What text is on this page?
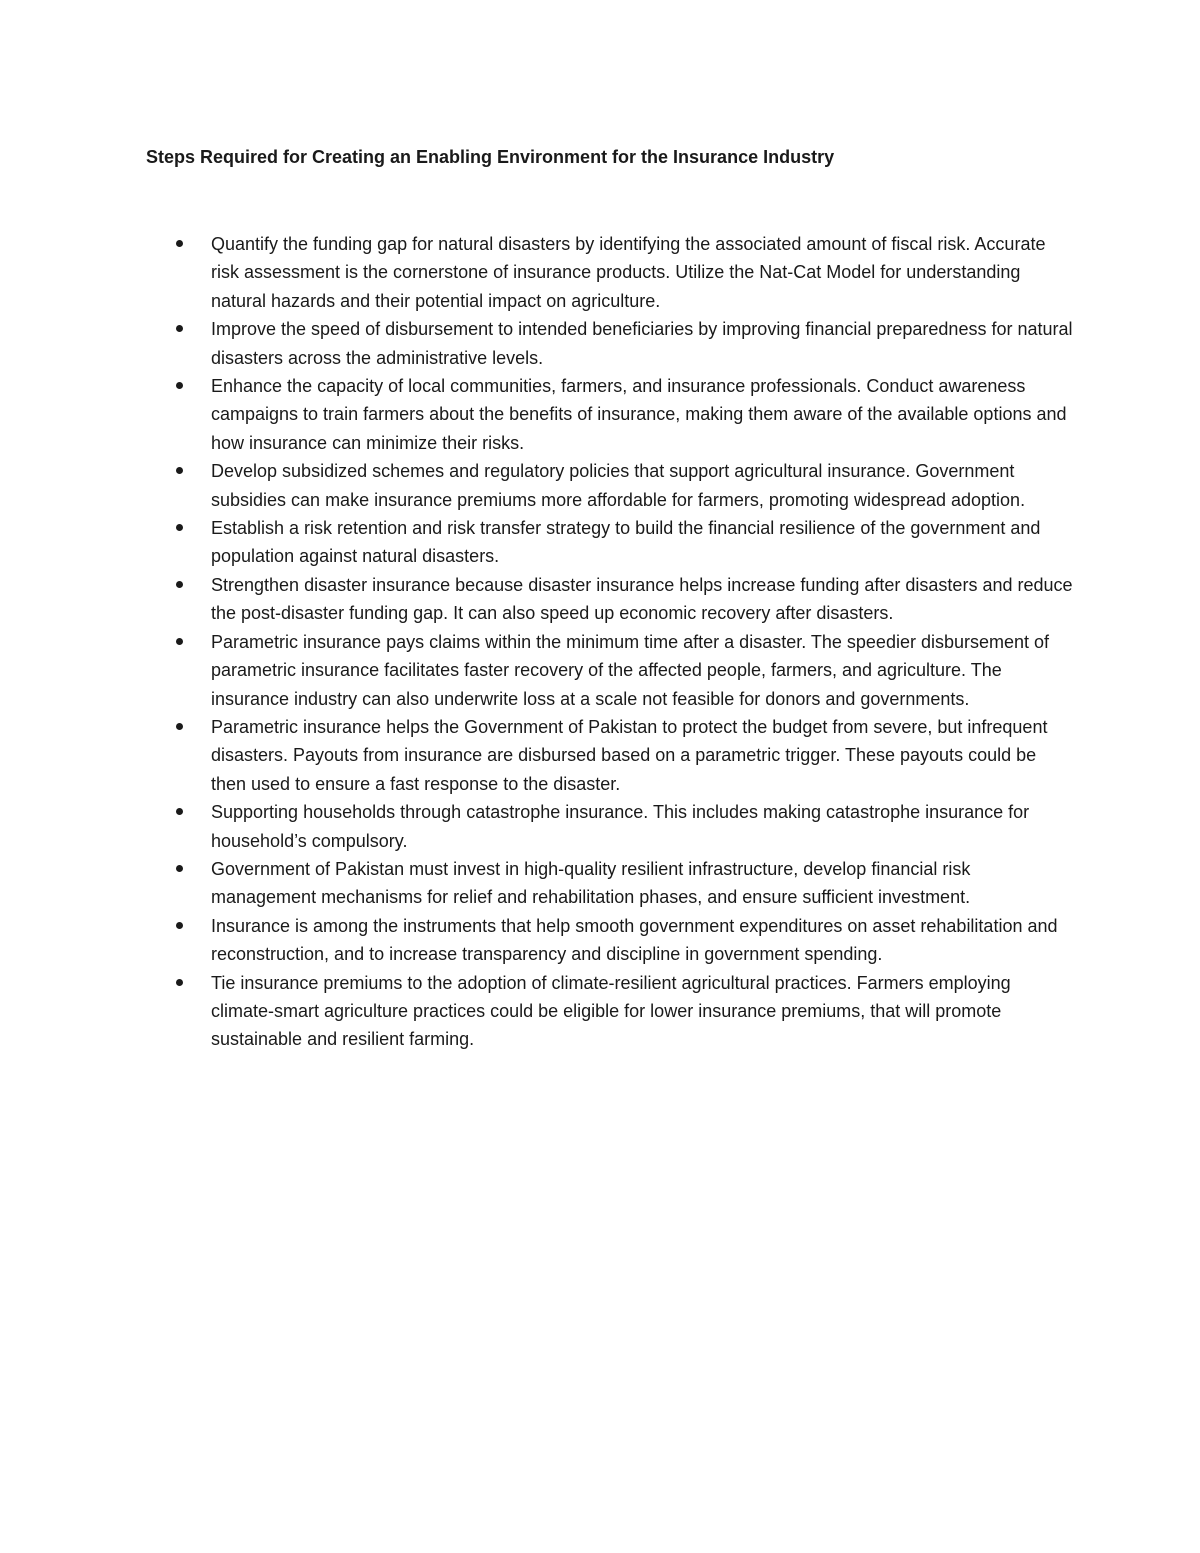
Steps Required for Creating an Enabling Environment for the Insurance Industry
Quantify the funding gap for natural disasters by identifying the associated amount of fiscal risk. Accurate risk assessment is the cornerstone of insurance products. Utilize the Nat-Cat Model for understanding natural hazards and their potential impact on agriculture.
Improve the speed of disbursement to intended beneficiaries by improving financial preparedness for natural disasters across the administrative levels.
Enhance the capacity of local communities, farmers, and insurance professionals. Conduct awareness campaigns to train farmers about the benefits of insurance, making them aware of the available options and how insurance can minimize their risks.
Develop subsidized schemes and regulatory policies that support agricultural insurance. Government subsidies can make insurance premiums more affordable for farmers, promoting widespread adoption.
Establish a risk retention and risk transfer strategy to build the financial resilience of the government and population against natural disasters.
Strengthen disaster insurance because disaster insurance helps increase funding after disasters and reduce the post-disaster funding gap. It can also speed up economic recovery after disasters.
Parametric insurance pays claims within the minimum time after a disaster. The speedier disbursement of parametric insurance facilitates faster recovery of the affected people, farmers, and agriculture. The insurance industry can also underwrite loss at a scale not feasible for donors and governments.
Parametric insurance helps the Government of Pakistan to protect the budget from severe, but infrequent disasters. Payouts from insurance are disbursed based on a parametric trigger. These payouts could be then used to ensure a fast response to the disaster.
Supporting households through catastrophe insurance. This includes making catastrophe insurance for household’s compulsory.
Government of Pakistan must invest in high-quality resilient infrastructure, develop financial risk management mechanisms for relief and rehabilitation phases, and ensure sufficient investment.
Insurance is among the instruments that help smooth government expenditures on asset rehabilitation and reconstruction, and to increase transparency and discipline in government spending.
Tie insurance premiums to the adoption of climate-resilient agricultural practices. Farmers employing climate-smart agriculture practices could be eligible for lower insurance premiums, that will promote sustainable and resilient farming.
